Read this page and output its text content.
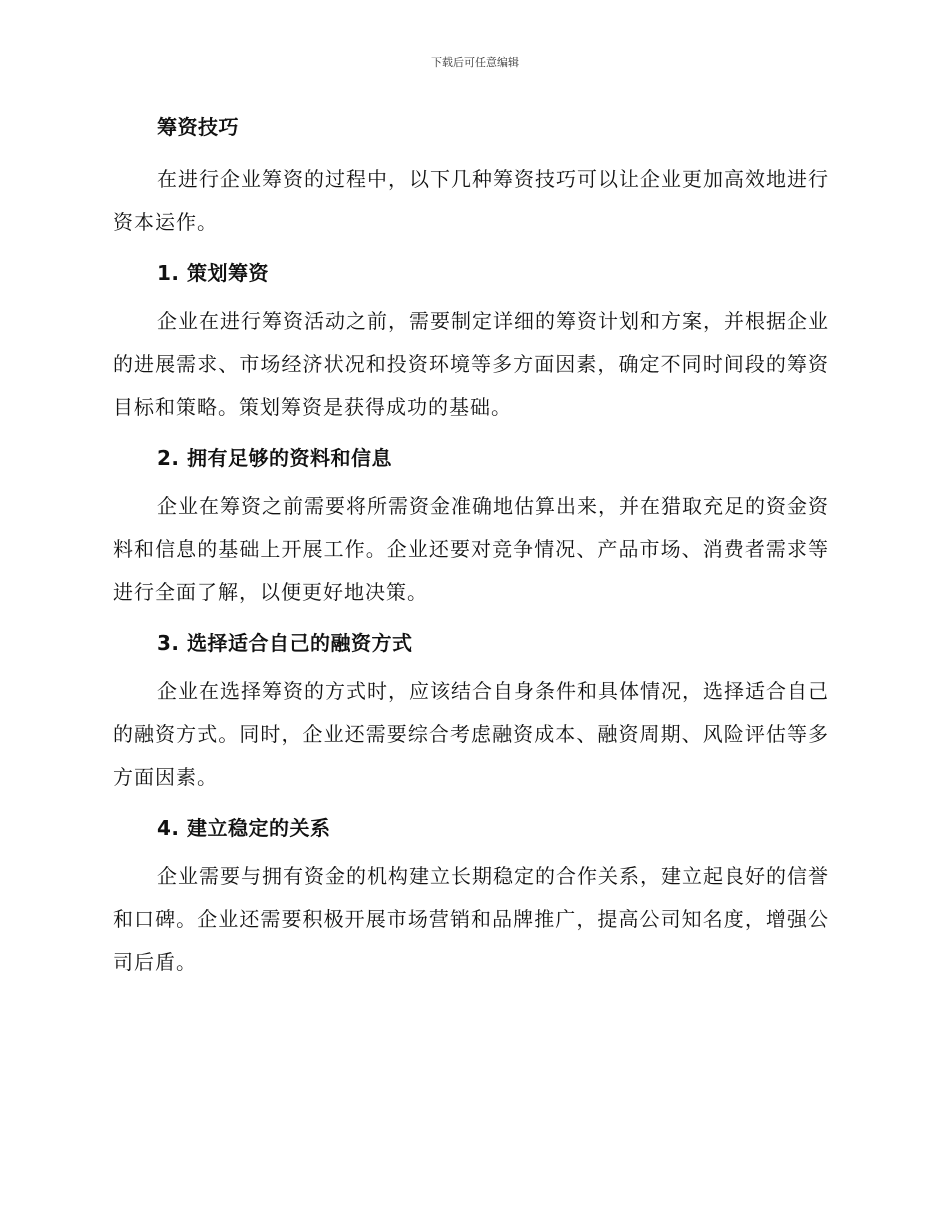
下载后可任意编辑

筹资技巧

在进行企业筹资的过程中，以下几种筹资技巧可以让企业更加高效地进行资本运作。

1. 策划筹资

企业在进行筹资活动之前，需要制定详细的筹资计划和方案，并根据企业的进展需求、市场经济状况和投资环境等多方面因素，确定不同时间段的筹资目标和策略。策划筹资是获得成功的基础。

2. 拥有足够的资料和信息

企业在筹资之前需要将所需资金准确地估算出来，并在猎取充足的资金资料和信息的基础上开展工作。企业还要对竞争情况、产品市场、消费者需求等进行全面了解，以便更好地决策。

3. 选择适合自己的融资方式

企业在选择筹资的方式时，应该结合自身条件和具体情况，选择适合自己的融资方式。同时，企业还需要综合考虑融资成本、融资周期、风险评估等多方面因素。

4. 建立稳定的关系

企业需要与拥有资金的机构建立长期稳定的合作关系，建立起良好的信誉和口碑。企业还需要积极开展市场营销和品牌推广，提高公司知名度，增强公司后盾。
